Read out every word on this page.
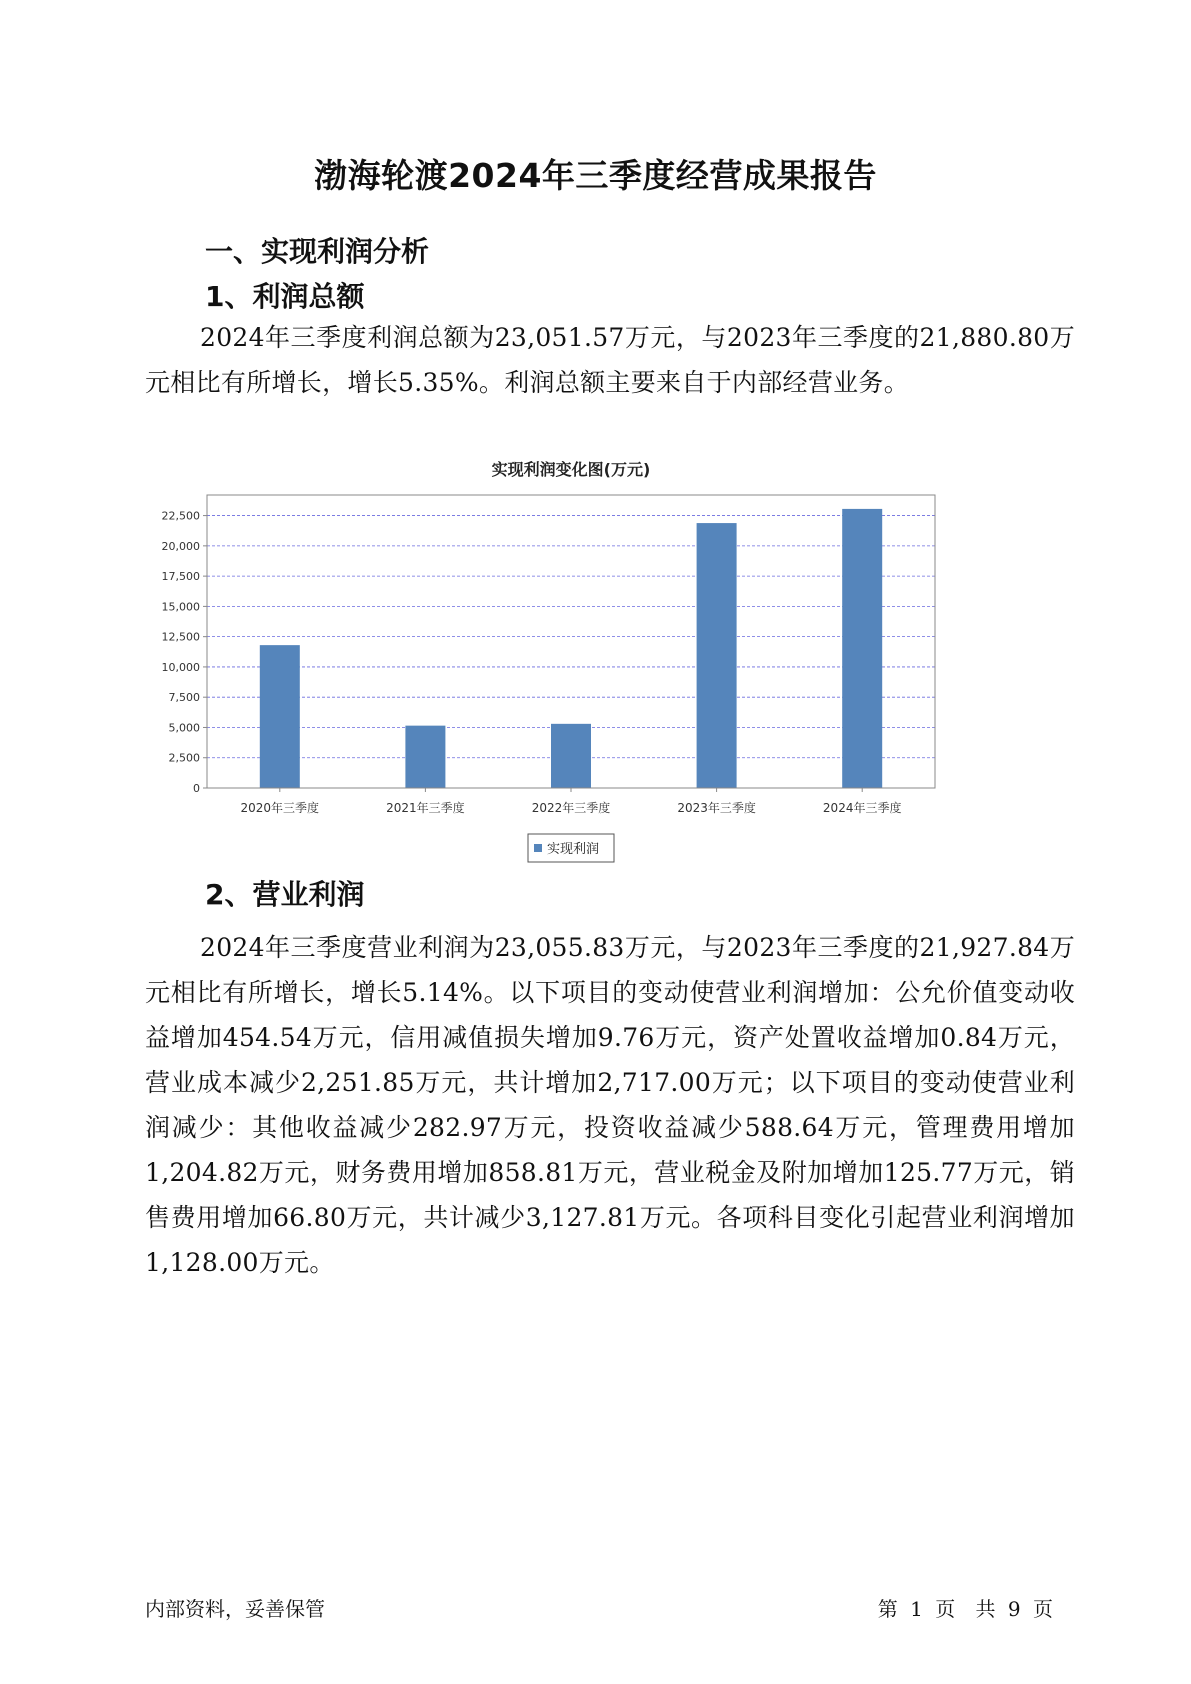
渤海轮渡2024年三季度经营成果报告
一、实现利润分析
1、利润总额
2024年三季度利润总额为23,051.57万元，与2023年三季度的21,880.80万元相比有所增长，增长5.35%。利润总额主要来自于内部经营业务。
实现利润变化图(万元)
0
2,500
5,000
7,500
10,000
12,500
15,000
17,500
20,000
22,500
2020年三季度	2021年三季度	2022年三季度	2023年三季度	2024年三季度
实现利润
2、营业利润
2024年三季度营业利润为23,055.83万元，与2023年三季度的21,927.84万元相比有所增长，增长5.14%。以下项目的变动使营业利润增加：公允价值变动收益增加454.54万元，信用减值损失增加9.76万元，资产处置收益增加0.84万元，营业成本减少2,251.85万元，共计增加2,717.00万元；以下项目的变动使营业利润减少：其他收益减少282.97万元，投资收益减少588.64万元，管理费用增加1,204.82万元，财务费用增加858.81万元，营业税金及附加增加125.77万元，销售费用增加66.80万元，共计减少3,127.81万元。各项科目变化引起营业利润增加1,128.00万元。
内部资料，妥善保管	第 1 页 共 9 页
